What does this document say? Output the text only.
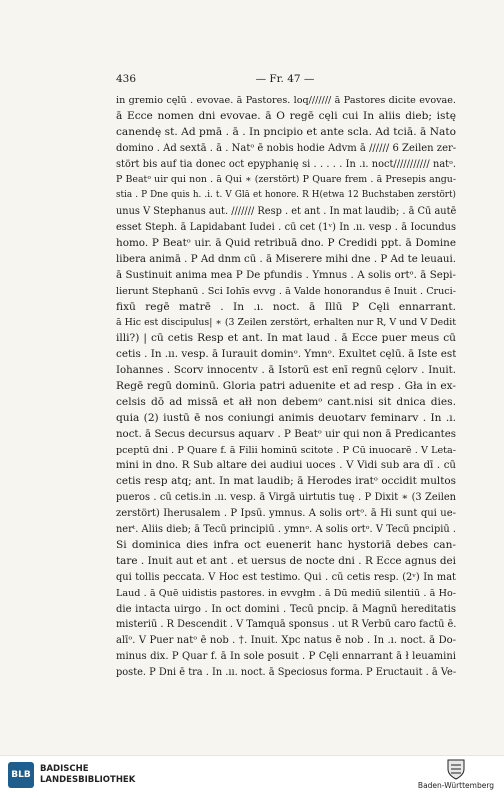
436	— Fr. 47 —
in gremio cęlū . evovae. ā Pastores. loq/////// ā Pastores dicite evovae.
ā Ecce nomen dni evovae. ā O regē cęli cui In aliis dieb; istę
canendę st. Ad pmā . ā . In pncipio et ante scla. Ad tciā. ā Nato
domino . Ad sextā . ā . Natᵒ ē nobis hodie Advm ā ////// 6 Zeilen zer-
stört bis auf tia donec oct epyphanię si . . . . . In .ı. noct/////////// natᵒ.
P Beatᵒ uir qui non . ā Qui ∗ (zerstört) P Quare frem . ā Presepis angu-
stia . P Dne quis h. .i. t. V Glā et honore. R H(etwa 12 Buchstaben zerstört)
unus V Stephanus aut. /////// Resp . et ant . In mat laudib; . ā Cū autē
esset Steph. ā Lapidabant Iudei . cū cet (1ᵛ) In .ıı. vesp . ā Iocundus
homo. P Beatᵒ uir. ā Quid retribuā dno. P Credidi ppt. ā Domine
libera animā . P Ad dnm cū . ā Miserere mihi dne . P Ad te leuaui.
ā Sustinuit anima mea P De pfundis . Ymnus . A solis ortᵒ. ā Sepi-
lierunt Stephanū . Sci Iohīs evvg . ā Valde honorandus ē Inuit . Cruci-
fixū regē matrē . In .ı. noct. ā Illū P Cęli ennarrant.
ā Hic est discipulus| ∗ (3 Zeilen zerstört, erhalten nur R, V und V Dedit
illi?) | cū cetis Resp et ant. In mat laud . ā Ecce puer meus cū
cetis . In .ıı. vesp. ā Iurauit dominᵒ. Ymnᵒ. Exultet cęlū. ā Iste est
Iohannes . Scorv innocentv . ā Istorū est enī regnū cęlorv . Inuit.
Regē regū dominū. Gloria patri aduenite et ad resp . Gła in ex-
celsis dō ad missā et ałł non debemᵒ cant.nisi sit dnica dies.
quia (2) iustū ē nos coniungi animis deuotarv feminarv . In .ı.
noct. ā Secus decursus aquarv . P Beatᵒ uir qui non ā Predicantes
pceptū dni . P Quare f. ā Filii hominū scitote . P Cū inuocarē . V Leta-
mini in dno. R Sub altare dei audiui uoces . V Vidi sub ara dī . cū
cetis resp atq; ant. In mat laudib; ā Herodes iratᵒ occidit multos
pueros . cū cetis.in .ıı. vesp. ā Virgā uirtutis tuę . P Dixit ∗ (3 Zeilen
zerstört) Iherusalem . P Ipsū. ymnus. A solis ortᵒ. ā Hi sunt qui ue-
nerᵗ. Aliis dieb; ā Tecū principiū . ymnᵒ. A solis ortᵒ. V Tecū pncipiū .
Si dominica dies infra oct euenerit hanc hystoriā debes can-
tare . Inuit aut et ant . et uersus de nocte dni . R Ecce agnus dei
qui tollis peccata. V Hoc est testimo. Qui . cū cetis resp. (2ᵛ) In mat
Laud . ā Quē uidistis pastores. in evvgłm . ā Dū mediū silentiū . ā Ho-
die intacta uirgo . In oct domini . Tecū pncip. ā Magnū hereditatis
misteriū . R Descendit . V Tamquā sponsus . ut R Verbū caro factū ē.
alīᵒ. V Puer natᵒ ē nob . †. Inuit. Xpc natus ē nob . In .ı. noct. ā Do-
minus dix. P Quar f. ā In sole posuit . P Cęli ennarrant ā ł leuamini
poste. P Dni ē tra . In .ıı. noct. ā Speciosus forma. P Eructauit . ā Ve-
BLB
BADISCHE
LANDESBIBLIOTHEK
Baden-Württemberg
